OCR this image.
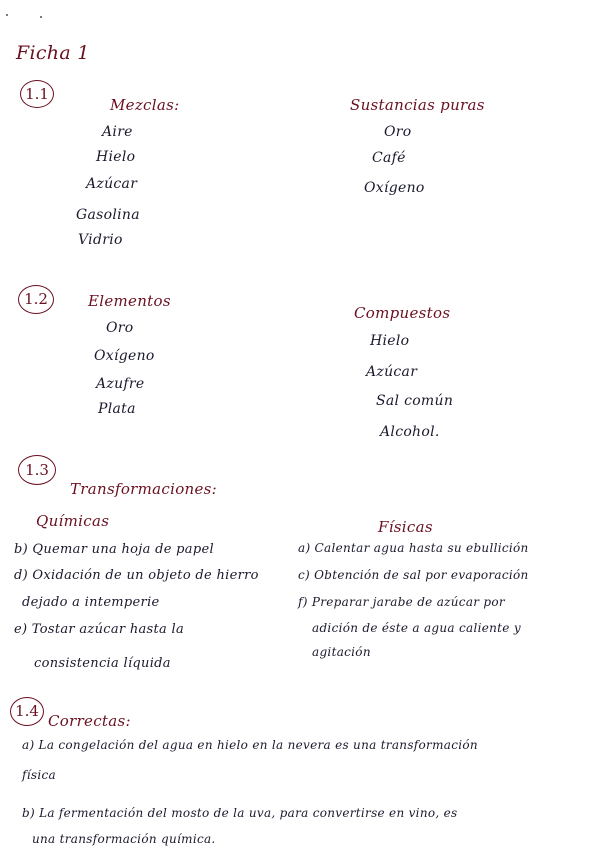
Ficha 1
1.1
Mezclas:
Aire
Hielo
Azúcar
Gasolina
Vidrio
Sustancias puras
Oro
Café
Oxígeno
1.2	Elementos
Oro
Oxígeno
Azufre
Plata
Compuestos
Hielo
Azúcar
Sal común
Alcohol.
1.3
Transformaciones:
Químicas
b) Quemar una hoja de papel
d) Oxidación de un objeto de hierro
dejado a intemperie
e) Tostar azúcar hasta la
consistencia líquida
Físicas
a) Calentar agua hasta su ebullición
c) Obtención de sal por evaporación
f) Preparar jarabe de azúcar por
adición de éste a agua caliente y
agitación
1.4
Correctas:
a) La congelación del agua en hielo en la nevera es una transformación
física
b) La fermentación del mosto de la uva, para convertirse en vino, es
una transformación química.
